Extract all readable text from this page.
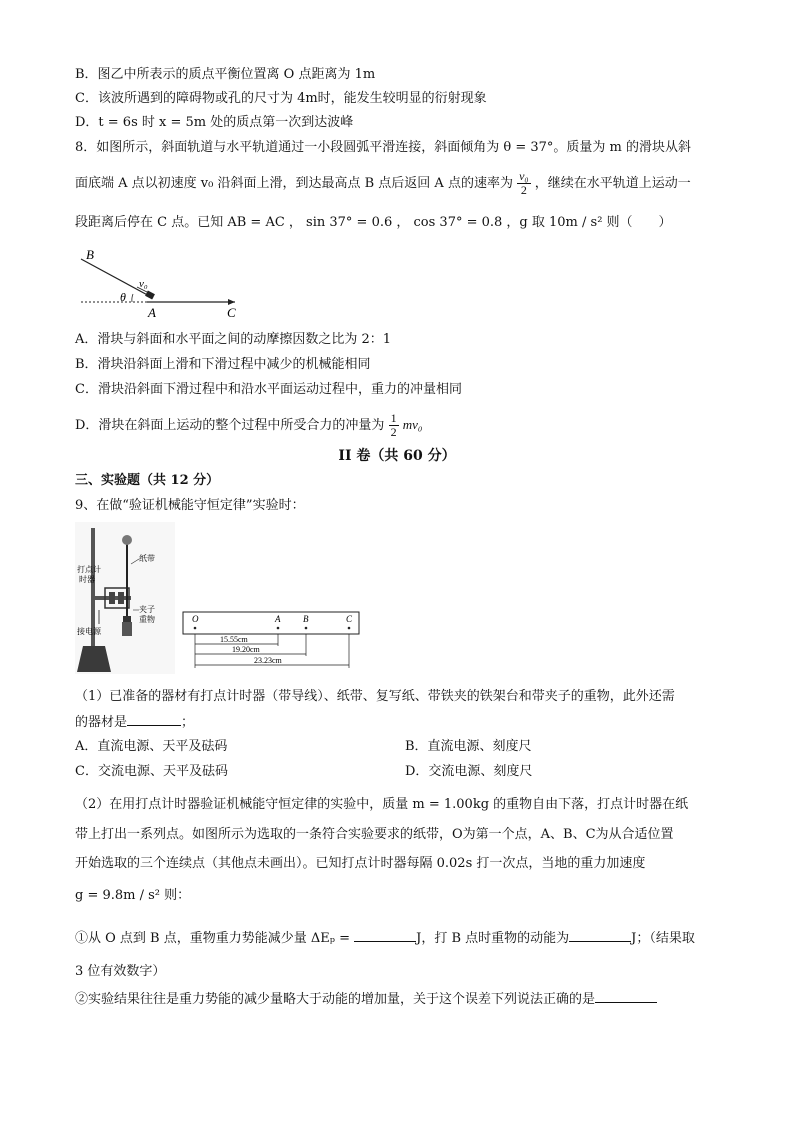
B．图乙中所表示的质点平衡位置离 O 点距离为 1m
C．该波所遇到的障碍物或孔的尺寸为 4m时，能发生较明显的衍射现象
D．t = 6s 时 x = 5m 处的质点第一次到达波峰
8．如图所示，斜面轨道与水平轨道通过一小段圆弧平滑连接，斜面倾角为 θ = 37°。质量为 m 的滑块从斜
面底端 A 点以初速度 v₀ 沿斜面上滑，到达最高点 B 点后返回 A 点的速率为 $\frac{\text{v₀}}{2}$ ，继续在水平轨道上运动一
段距离后停在 C 点。已知 AB = AC ， sin 37° = 0.6 ， cos 37° = 0.8 ，g 取 10m / s² 则（　　）
B
v₀
θ
A	C
A．滑块与斜面和水平面之间的动摩擦因数之比为 2：1
B．滑块沿斜面上滑和下滑过程中减少的机械能相同
C．滑块沿斜面下滑过程中和沿水平面运动过程中，重力的冲量相同
D．滑块在斜面上运动的整个过程中所受合力的冲量为 $\frac{1}{2} mv_0$
II 卷（共 60 分）
三、实验题（共 12 分）
9、在做“验证机械能守恒定律”实验时：
纸带
打点计
时器
夹子
重物
接电源
O	A	B	C
15.55cm
19.20cm
23.23cm
（1）已准备的器材有打点计时器（带导线）、纸带、复写纸、带铁夹的铁架台和带夹子的重物，此外还需
的器材是	；
A．直流电源、天平及砝码	B．直流电源、刻度尺
C．交流电源、天平及砝码	D．交流电源、刻度尺
（2）在用打点计时器验证机械能守恒定律的实验中，质量 m = 1.00kg 的重物自由下落，打点计时器在纸
带上打出一系列点。如图所示为选取的一条符合实验要求的纸带，O为第一个点，A、B、C为从合适位置
开始选取的三个连续点（其他点未画出）。已知打点计时器每隔 0.02s 打一次点，当地的重力加速度
g = 9.8m / s² 则：
①从 O 点到 B 点，重物重力势能减少量 ΔEₚ =	J，打 B 点时重物的动能为	J；（结果取
3 位有效数字）
②实验结果往往是重力势能的减少量略大于动能的增加量，关于这个误差下列说法正确的是
